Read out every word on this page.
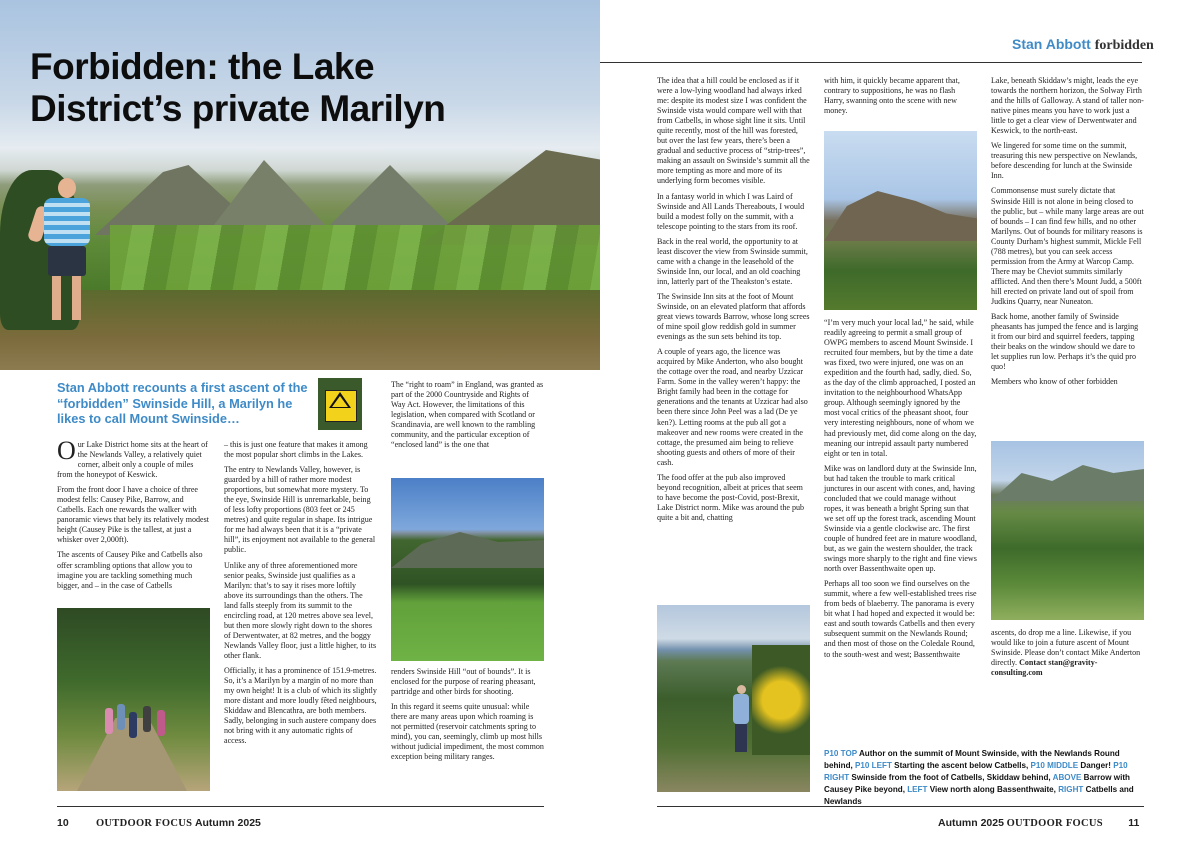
Forbidden: the Lake
District’s private Marilyn
Stan Abbott forbidden

Stan Abbott recounts a first ascent of the “forbidden” Swinside Hill, a Marilyn he likes to call Mount Swinside…

Our Lake District home sits at the heart of the Newlands Valley, a relatively quiet corner, albeit only a couple of miles from the honeypot of Keswick.

From the front door I have a choice of three modest fells: Causey Pike, Barrow, and Catbells. Each one rewards the walker with panoramic views that bely its relatively modest height (Causey Pike is the tallest, at just a whisker over 2,000ft).

The ascents of Causey Pike and Catbells also offer scrambling options that allow you to imagine you are tackling something much bigger, and – in the case of Catbells

– this is just one feature that makes it among the most popular short climbs in the Lakes.

The entry to Newlands Valley, however, is guarded by a hill of rather more modest proportions, but somewhat more mystery. To the eye, Swinside Hill is unremarkable, being of less lofty proportions (803 feet or 245 metres) and quite regular in shape. Its intrigue for me had always been that it is a “private hill”, its enjoyment not available to the general public.

Unlike any of three aforementioned more senior peaks, Swinside just qualifies as a Marilyn: that’s to say it rises more loftily above its surroundings than the others. The land falls steeply from its summit to the encircling road, at 120 metres above sea level, but then more slowly right down to the shores of Derwentwater, at 82 metres, and the boggy Newlands Valley floor, just a little higher, to its other flank.

Officially, it has a prominence of 151.9-metres. So, it’s a Marilyn by a margin of no more than my own height! It is a club of which its slightly more distant and more loudly fêted neighbours, Skiddaw and Blencathra, are both members. Sadly, belonging in such austere company does not bring with it any automatic rights of access.

The “right to roam” in England, was granted as part of the 2000 Countryside and Rights of Way Act. However, the limitations of this legislation, when compared with Scotland or Scandinavia, are well known to the rambling community, and the particular exception of “enclosed land” is the one that

renders Swinside Hill “out of bounds”. It is enclosed for the purpose of rearing pheasant, partridge and other birds for shooting.

In this regard it seems quite unusual: while there are many areas upon which roaming is not permitted (reservoir catchments spring to mind), you can, seemingly, climb up most hills without judicial impediment, the most common exception being military ranges.

The idea that a hill could be enclosed as if it were a low-lying woodland had always irked me: despite its modest size I was confident the Swinside vista would compare well with that from Catbells, in whose sight line it sits. Until quite recently, most of the hill was forested, but over the last few years, there’s been a gradual and seductive process of “strip-trees”, making an assault on Swinside’s summit all the more tempting as more and more of its underlying form becomes visible.

In a fantasy world in which I was Laird of Swinside and All Lands Thereabouts, I would build a modest folly on the summit, with a telescope pointing to the stars from its roof.

Back in the real world, the opportunity to at least discover the view from Swinside summit, came with a change in the leasehold of the Swinside Inn, our local, and an old coaching inn, latterly part of the Theakston’s estate.

The Swinside Inn sits at the foot of Mount Swinside, on an elevated platform that affords great views towards Barrow, whose long screes of mine spoil glow reddish gold in summer evenings as the sun sets behind its top.

A couple of years ago, the licence was acquired by Mike Anderton, who also bought the cottage over the road, and nearby Uzzicar Farm. Some in the valley weren’t happy: the Bright family had been in the cottage for generations and the tenants at Uzzicar had also been there since John Peel was a lad (De ye ken?). Letting rooms at the pub all got a makeover and new rooms were created in the cottage, the presumed aim being to relieve shooting guests and others of more of their cash.

The food offer at the pub also improved beyond recognition, albeit at prices that seem to have become the post-Covid, post-Brexit, Lake District norm. Mike was around the pub quite a bit and, chatting

with him, it quickly became apparent that, contrary to suppositions, he was no flash Harry, swanning onto the scene with new money.

“I’m very much your local lad,” he said, while readily agreeing to permit a small group of OWPG members to ascend Mount Swinside. I recruited four members, but by the time a date was fixed, two were injured, one was on an expedition and the fourth had, sadly, died. So, as the day of the climb approached, I posted an invitation to the neighbourhood WhatsApp group. Although seemingly ignored by the most vocal critics of the pheasant shoot, four very interesting neighbours, none of whom we had previously met, did come along on the day, meaning our intrepid assault party numbered eight or ten in total.

Mike was on landlord duty at the Swinside Inn, but had taken the trouble to mark critical junctures in our ascent with cones, and, having concluded that we could manage without ropes, it was beneath a bright Spring sun that we set off up the forest track, ascending Mount Swinside via a gentle clockwise arc. The first couple of hundred feet are in mature woodland, but, as we gain the western shoulder, the track swings more sharply to the right and fine views north over Bassenthwaite open up.

Perhaps all too soon we find ourselves on the summit, where a few well-established trees rise from beds of blaeberry. The panorama is every bit what I had hoped and expected it would be: east and south towards Catbells and then every subsequent summit on the Newlands Round; and then most of those on the Coledale Round, to the south-west and west; Bassenthwaite

Lake, beneath Skiddaw’s might, leads the eye towards the northern horizon, the Solway Firth and the hills of Galloway. A stand of taller non-native pines means you have to work just a little to get a clear view of Derwentwater and Keswick, to the north-east.

We lingered for some time on the summit, treasuring this new perspective on Newlands, before descending for lunch at the Swinside Inn.

Commonsense must surely dictate that Swinside Hill is not alone in being closed to the public, but – while many large areas are out of bounds – I can find few hills, and no other Marilyns. Out of bounds for military reasons is County Durham’s highest summit, Mickle Fell (788 metres), but you can seek access permission from the Army at Warcop Camp. There may be Cheviot summits similarly afflicted. And then there’s Mount Judd, a 500ft hill erected on private land out of spoil from Judkins Quarry, near Nuneaton.

Back home, another family of Swinside pheasants has jumped the fence and is larging it from our bird and squirrel feeders, tapping their beaks on the window should we dare to let supplies run low. Perhaps it’s the quid pro quo!

Members who know of other forbidden

ascents, do drop me a line. Likewise, if you would like to join a future ascent of Mount Swinside. Please don’t contact Mike Anderton directly. Contact stan@gravity-consulting.com

P10 TOP Author on the summit of Mount Swinside, with the Newlands Round behind, P10 LEFT Starting the ascent below Catbells, P10 MIDDLE Danger! P10 RIGHT Swinside from the foot of Catbells, Skiddaw behind, ABOVE Barrow with Causey Pike beyond, LEFT View north along Bassenthwaite, RIGHT Catbells and Newlands
10	OUTDOOR FOCUS Autumn 2025	Autumn 2025 OUTDOOR FOCUS 11
